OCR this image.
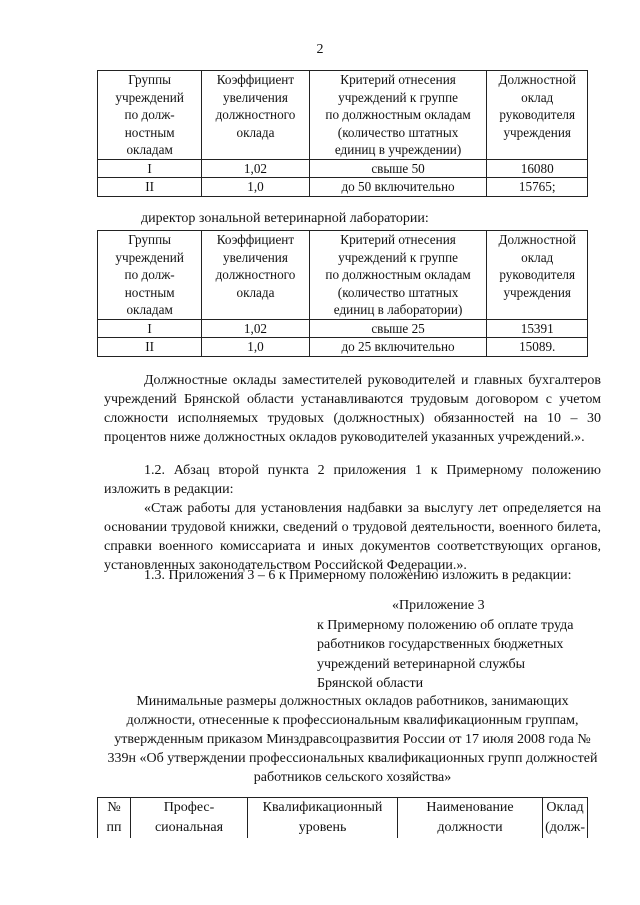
2
Группы
учреждений
по долж-
ностным
окладам	Коэффициент
увеличения
должностного
оклада	Критерий отнесения
учреждений к группе
по должностным окладам
(количество штатных
единиц в учреждении)	Должностной
оклад
руководителя
учреждения
I	1,02	свыше 50	16080
II	1,0	до 50 включительно	15765;
директор зональной ветеринарной лаборатории:
Группы
учреждений
по долж-
ностным
окладам	Коэффициент
увеличения
должностного
оклада	Критерий отнесения
учреждений к группе
по должностным окладам
(количество штатных
единиц в лаборатории)	Должностной
оклад
руководителя
учреждения
I	1,02	свыше 25	15391
II	1,0	до 25 включительно	15089.
Должностные оклады заместителей руководителей и главных бухгалтеров учреждений Брянской области устанавливаются трудовым договором с учетом сложности исполняемых трудовых (должностных) обязанностей на 10 – 30 процентов ниже должностных окладов руководителей указанных учреждений.».
1.2. Абзац второй пункта 2 приложения 1 к Примерному положению изложить в редакции:
«Стаж работы для установления надбавки за выслугу лет определяется на основании трудовой книжки, сведений о трудовой деятельности, военного билета, справки военного комиссариата и иных документов соответствующих органов, установленных законодательством Российской Федерации.».
1.3. Приложения 3 – 6 к Примерному положению изложить в редакции:
«Приложение 3
к Примерному положению об оплате труда
работников государственных бюджетных
учреждений ветеринарной службы
Брянской области
Минимальные размеры должностных окладов работников, занимающих должности, отнесенные к профессиональным квалификационным группам, утвержденным приказом Минздравсоцразвития России от 17 июля 2008 года № 339н «Об утверждении профессиональных квалификационных групп должностей работников сельского хозяйства»
№
пп	Профес-
сиональная	Квалификационный
уровень	Наименование
должности	Оклад
(долж-
